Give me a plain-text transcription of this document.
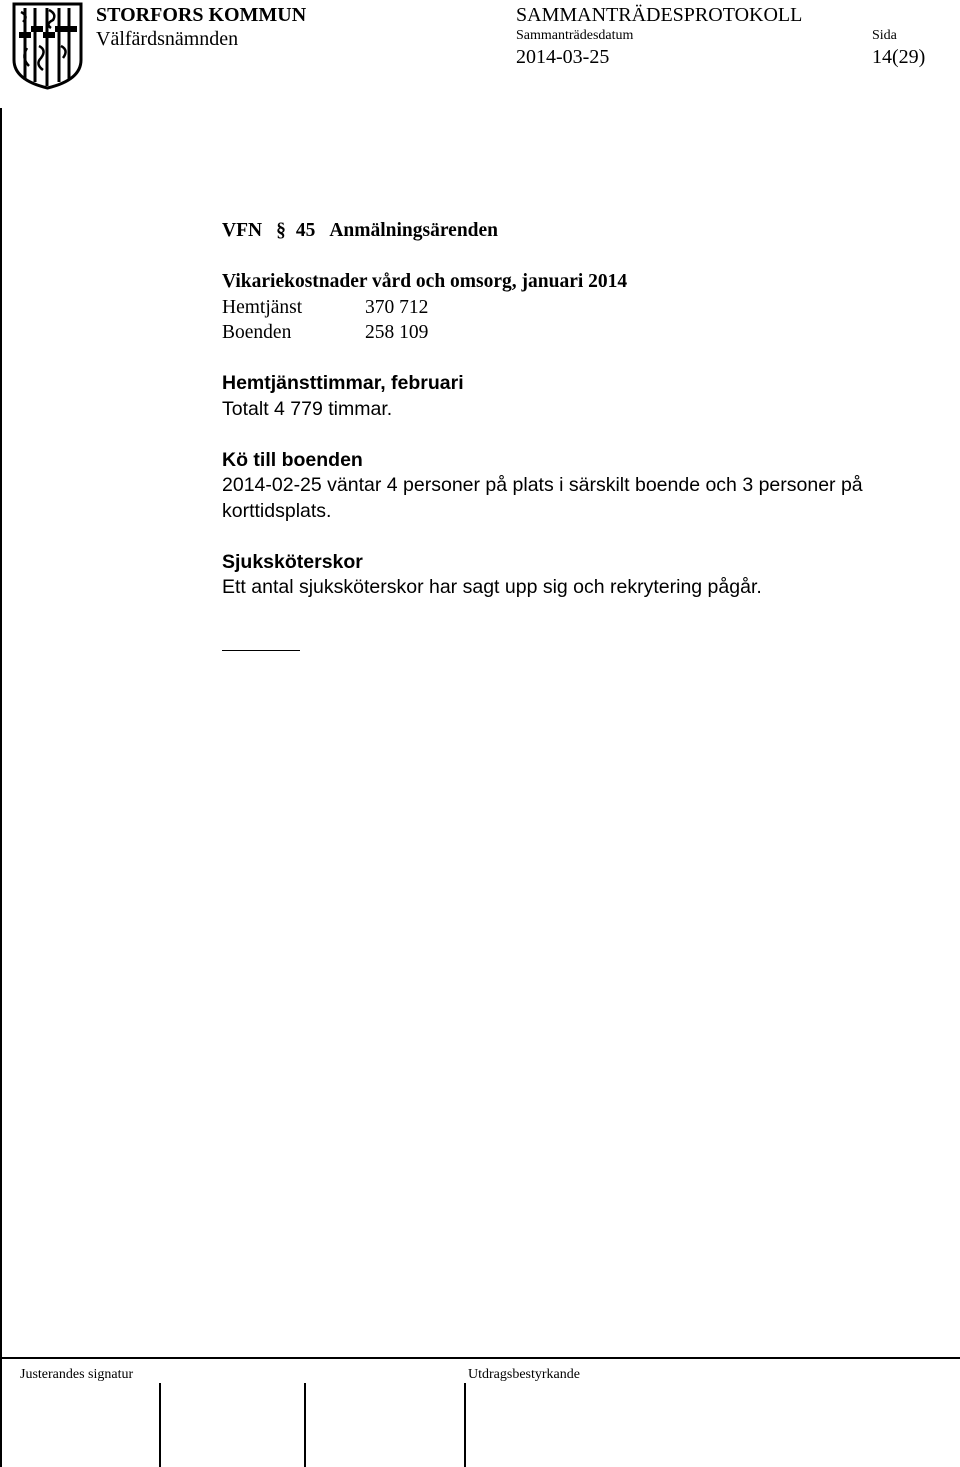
STORFORS KOMMUN
Välfärdsnämnden
SAMMANTRÄDESPROTOKOLL
Sammanträdesdatum	Sida
2014-03-25	14(29)

VFN § 45 Anmälningsärenden

Vikariekostnader vård och omsorg, januari 2014

Hemtjänst	370 712
Boenden	258 109

Hemtjänsttimmar, februari

Totalt 4 779 timmar.

Kö till boenden

2014-02-25 väntar 4 personer på plats i särskilt boende och 3 personer på korttidsplats.

Sjuksköterskor

Ett antal sjuksköterskor har sagt upp sig och rekrytering pågår.

Justerandes signatur	Utdragsbestyrkande
